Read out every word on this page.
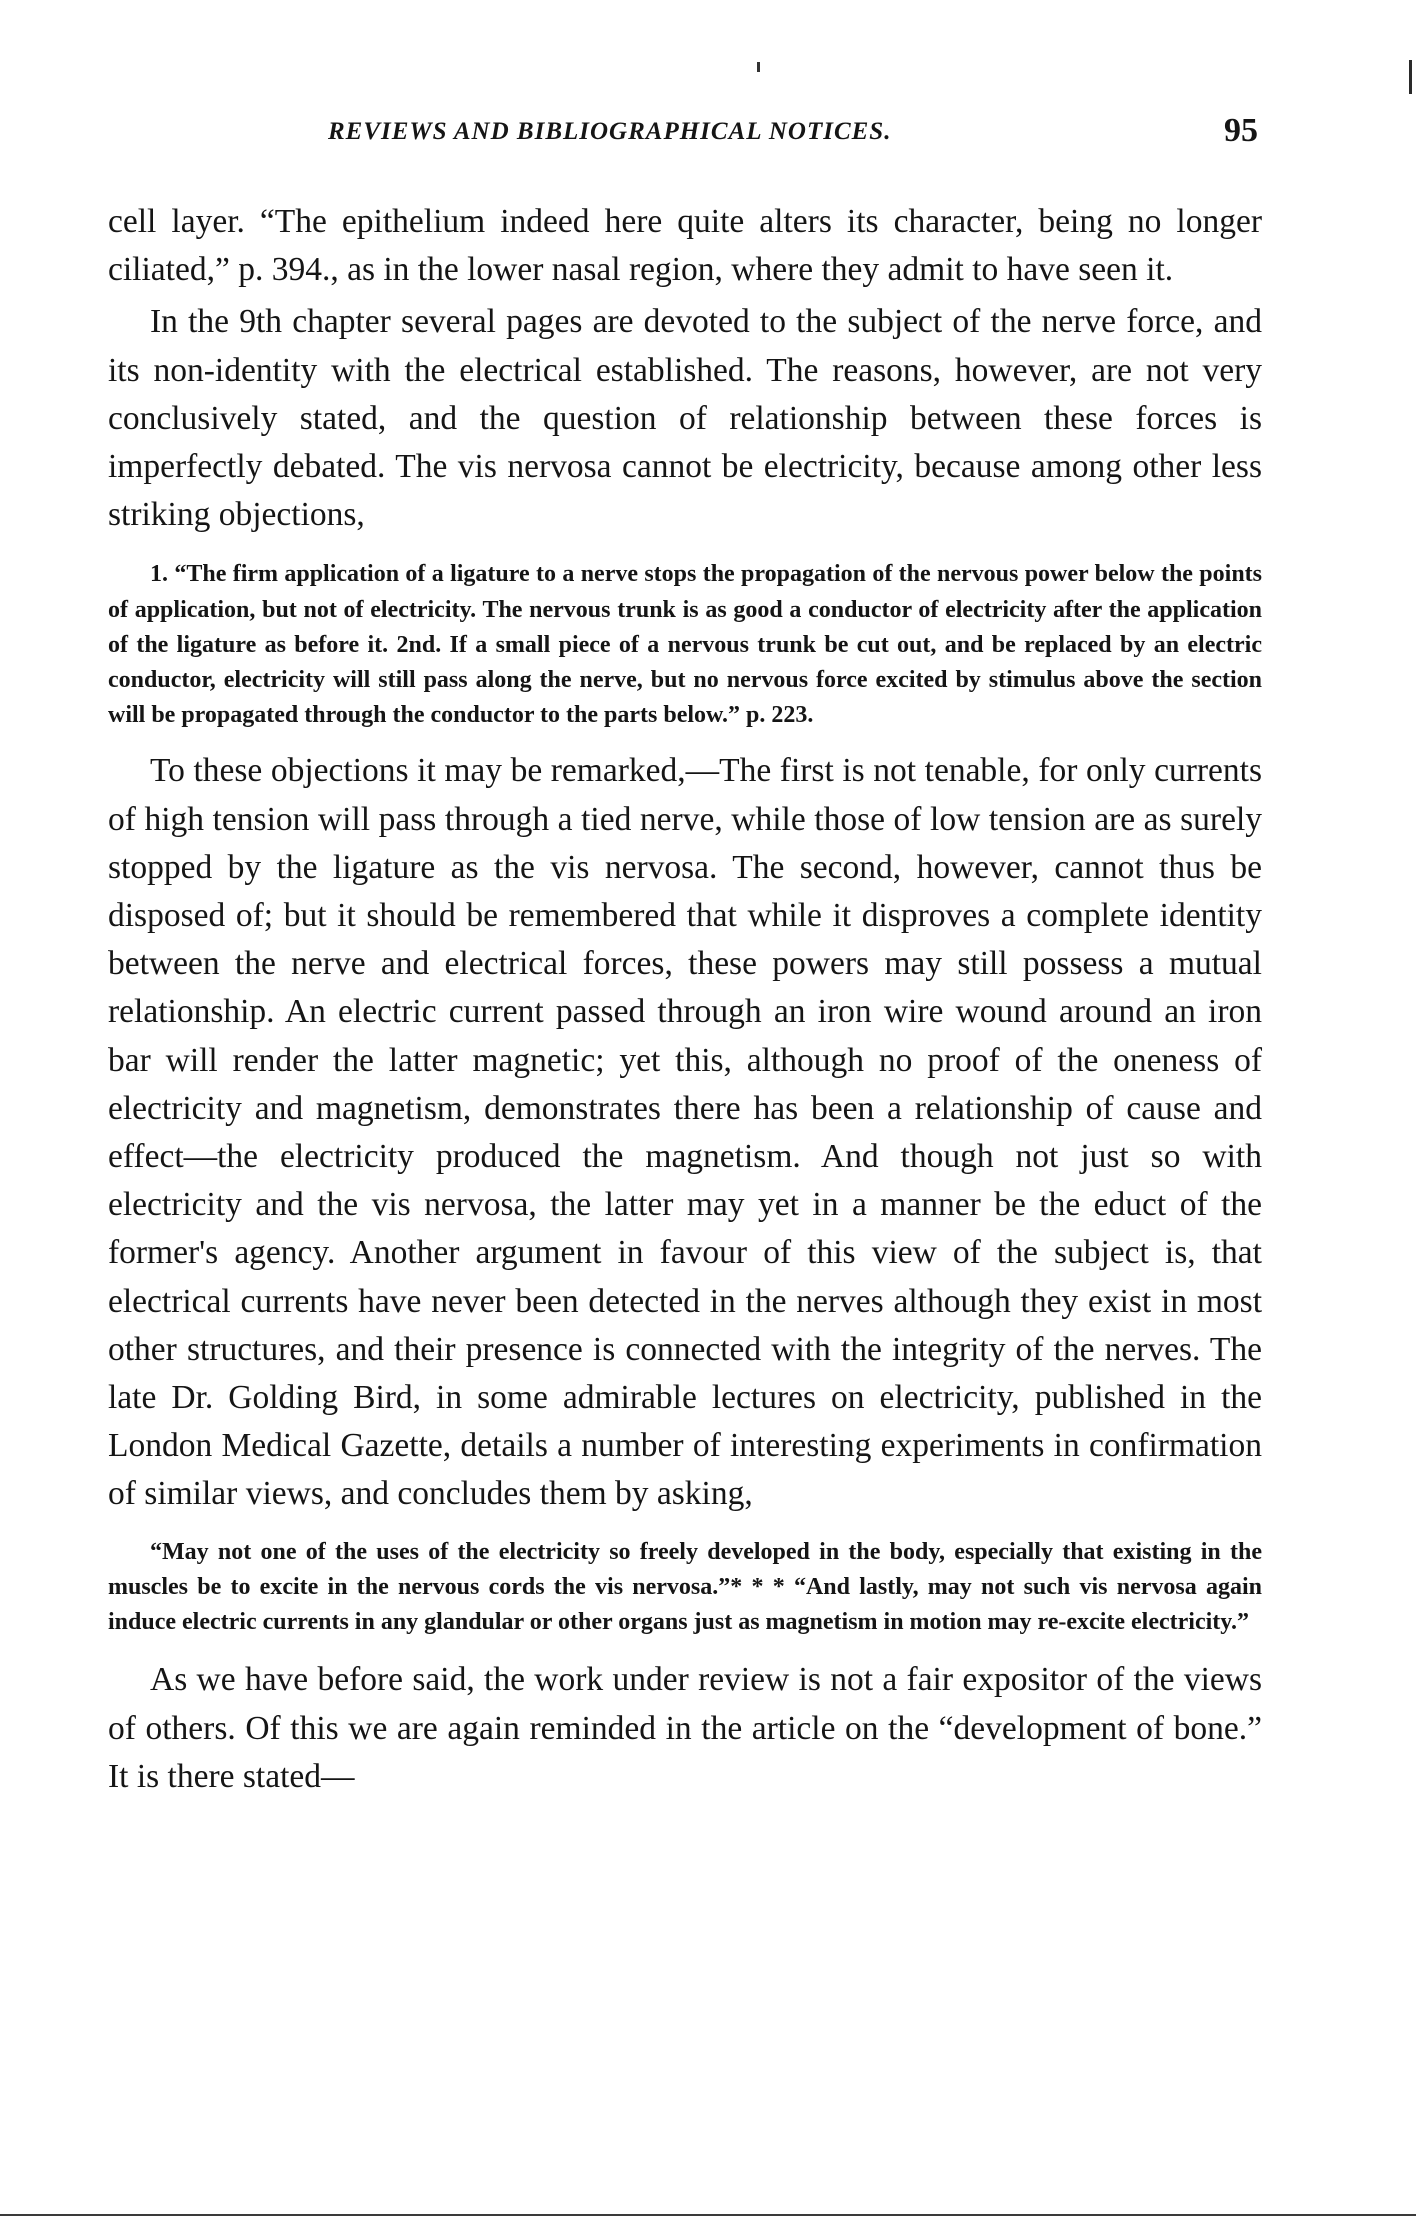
REVIEWS AND BIBLIOGRAPHICAL NOTICES.	95

cell layer. “The epithelium indeed here quite alters its character, being no longer ciliated,” p. 394., as in the lower nasal region, where they admit to have seen it.

In the 9th chapter several pages are devoted to the subject of the nerve force, and its non-identity with the electrical established. The reasons, however, are not very conclusively stated, and the question of relationship between these forces is imperfectly debated. The vis nervosa cannot be electricity, because among other less striking objections,

1. “The firm application of a ligature to a nerve stops the propagation of the nervous power below the points of application, but not of electricity. The nervous trunk is as good a conductor of electricity after the application of the ligature as before it. 2nd. If a small piece of a nervous trunk be cut out, and be replaced by an electric conductor, electricity will still pass along the nerve, but no nervous force excited by stimulus above the section will be propagated through the conductor to the parts below.” p. 223.

To these objections it may be remarked,—The first is not tenable, for only currents of high tension will pass through a tied nerve, while those of low tension are as surely stopped by the ligature as the vis nervosa. The second, however, cannot thus be disposed of; but it should be remembered that while it disproves a complete identity between the nerve and electrical forces, these powers may still possess a mutual relationship. An electric current passed through an iron wire wound around an iron bar will render the latter magnetic; yet this, although no proof of the oneness of electricity and magnetism, demonstrates there has been a relationship of cause and effect—the electricity produced the magnetism. And though not just so with electricity and the vis nervosa, the latter may yet in a manner be the educt of the former's agency. Another argument in favour of this view of the subject is, that electrical currents have never been detected in the nerves although they exist in most other structures, and their presence is connected with the integrity of the nerves. The late Dr. Golding Bird, in some admirable lectures on electricity, published in the London Medical Gazette, details a number of interesting experiments in confirmation of similar views, and concludes them by asking,

“May not one of the uses of the electricity so freely developed in the body, especially that existing in the muscles be to excite in the nervous cords the vis nervosa.”* * * “And lastly, may not such vis nervosa again induce electric currents in any glandular or other organs just as magnetism in motion may re-excite electricity.”

As we have before said, the work under review is not a fair expositor of the views of others. Of this we are again reminded in the article on the “development of bone.” It is there stated—
